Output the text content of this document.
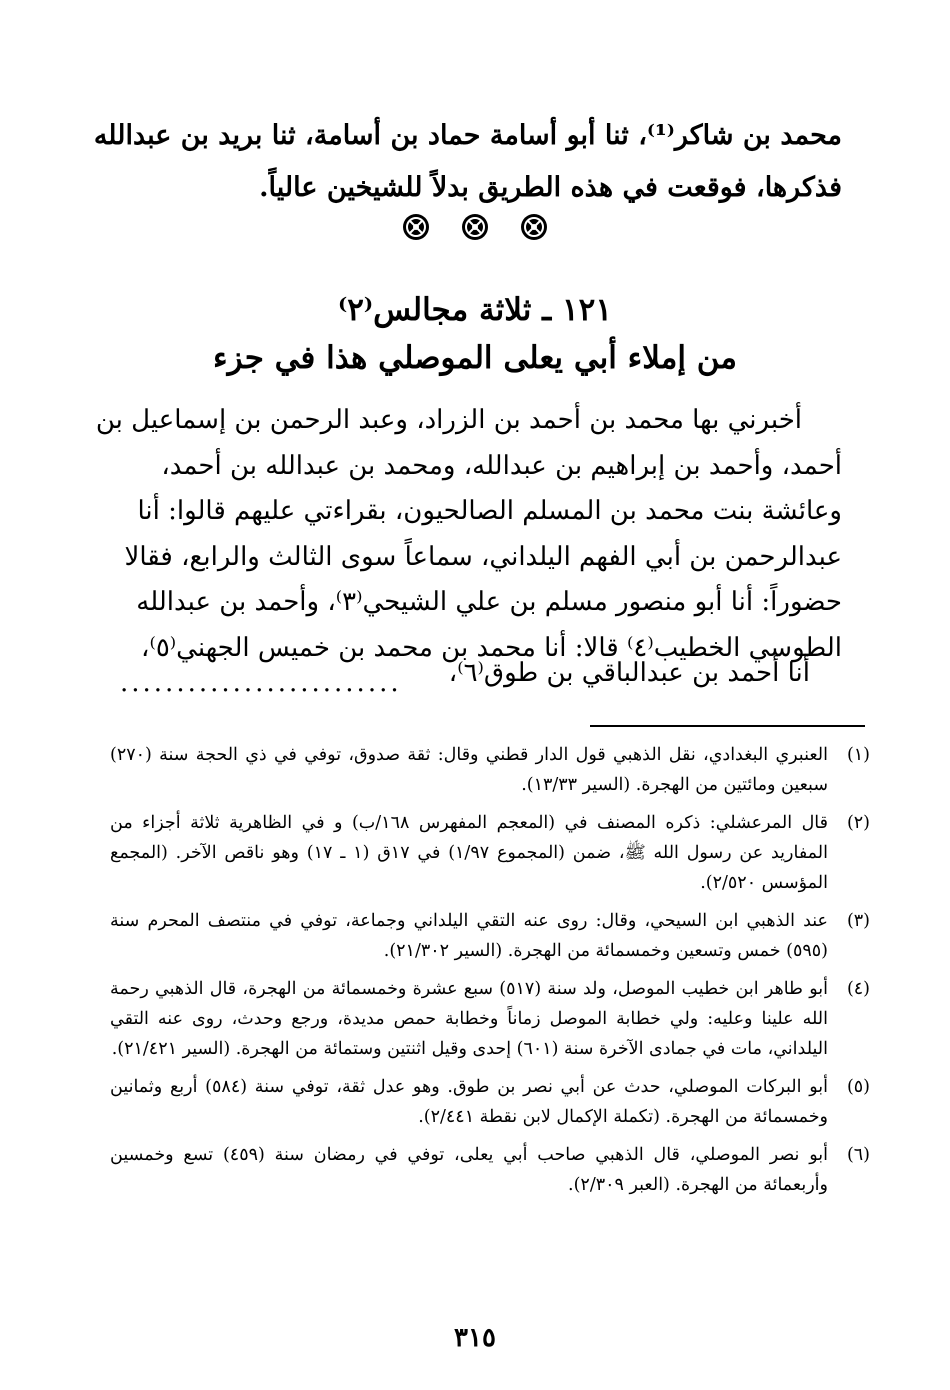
محمد بن شاكر⁽¹⁾، ثنا أبو أسامة حماد بن أسامة، ثنا بريد بن عبدالله
فذكرها، فوقعت في هذه الطريق بدلاً للشيخين عالياً.

١٢١ ـ ثلاثة مجالس⁽٢⁾
من إملاء أبي يعلى الموصلي هذا في جزء
أخبرني بها محمد بن أحمد بن الزراد، وعبد الرحمن بن إسماعيل بن
أحمد، وأحمد بن إبراهيم بن عبدالله، ومحمد بن عبدالله بن أحمد،
وعائشة بنت محمد بن المسلم الصالحيون، بقراءتي عليهم قالوا: أنا
عبدالرحمن بن أبي الفهم اليلداني، سماعاً سوى الثالث والرابع، فقالا
حضوراً: أنا أبو منصور مسلم بن علي الشيحي⁽٣⁾، وأحمد بن عبدالله
الطوسي الخطيب⁽٤⁾ قالا: أنا محمد بن محمد بن خميس الجهني⁽٥⁾،
أنا أحمد بن عبدالباقي بن طوق⁽٦⁾،
.........................
(١)
العنبري البغدادي، نقل الذهبي قول الدار قطني وقال: ثقة صدوق، توفي في ذي الحجة سنة (٢٧٠) سبعين ومائتين من الهجرة. (السير ١٣/٣٣).
(٢)
قال المرعشلي: ذكره المصنف في (المعجم المفهرس ١٦٨/ب) و في الظاهرية ثلاثة أجزاء من المفاريد عن رسول الله ﷺ، ضمن (المجموع ١/٩٧) في ١٧ق (١ ـ ١٧) وهو ناقص الآخر. (المجمع المؤسس ٢/٥٢٠).
(٣)
عند الذهبي ابن السيحي، وقال: روى عنه التقي اليلداني وجماعة، توفي في منتصف المحرم سنة (٥٩٥) خمس وتسعين وخمسمائة من الهجرة. (السير ٢١/٣٠٢).
(٤)
أبو طاهر ابن خطيب الموصل، ولد سنة (٥١٧) سبع عشرة وخمسمائة من الهجرة، قال الذهبي رحمة الله علينا وعليه: ولي خطابة الموصل زماناً وخطابة حمص مديدة، ورجع وحدث، روى عنه التقي اليلداني، مات في جمادى الآخرة سنة (٦٠١) إحدى وقيل اثنتين وستمائة من الهجرة. (السير ٢١/٤٢١).
(٥)
أبو البركات الموصلي، حدث عن أبي نصر بن طوق. وهو عدل ثقة، توفي سنة (٥٨٤) أربع وثمانين وخمسمائة من الهجرة. (تكملة الإكمال لابن نقطة ٢/٤٤١).
(٦)
أبو نصر الموصلي، قال الذهبي صاحب أبي يعلى، توفي في رمضان سنة (٤٥٩) تسع وخمسين وأربعمائة من الهجرة. (العبر ٢/٣٠٩).
٣١٥
